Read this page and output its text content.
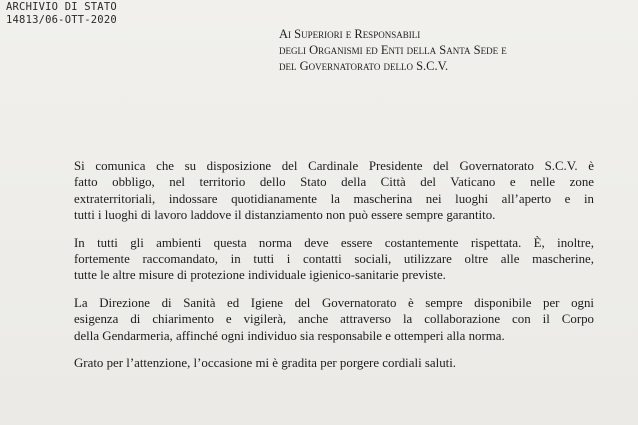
ARCHIVIO DI STATO
14813/06-OTT-2020
Ai Superiori e Responsabili
degli Organismi ed Enti della Santa Sede e
del Governatorato dello S.C.V.
Si comunica che su disposizione del Cardinale Presidente del Governatorato S.C.V. è
fatto obbligo, nel territorio dello Stato della Città del Vaticano e nelle zone
extraterritoriali, indossare quotidianamente la mascherina nei luoghi all’aperto e in
tutti i luoghi di lavoro laddove il distanziamento non può essere sempre garantito.
In tutti gli ambienti questa norma deve essere costantemente rispettata. È, inoltre,
fortemente raccomandato, in tutti i contatti sociali, utilizzare oltre alle mascherine,
tutte le altre misure di protezione individuale igienico-sanitarie previste.
La Direzione di Sanità ed Igiene del Governatorato è sempre disponibile per ogni
esigenza di chiarimento e vigilerà, anche attraverso la collaborazione con il Corpo
della Gendarmeria, affinché ogni individuo sia responsabile e ottemperi alla norma.
Grato per l’attenzione, l’occasione mi è gradita per porgere cordiali saluti.
